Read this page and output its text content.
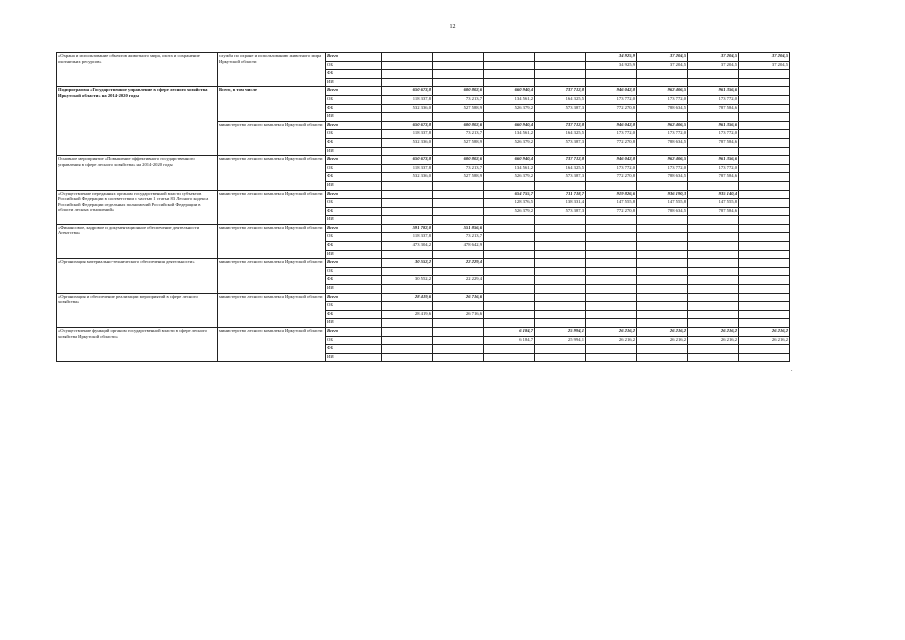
12
«Охрана и использование объектов животного мира, охота и сохранение охотничьих ресурсов»	служба по охране и использованию животного мира Иркутской области	Всего					34 925,9	37 204,5	37 204,5	37 204,5
		ОБ					34 925,9	37 204,5	37 204,5	37 204,5
		ФБ								
		ИИ								
Подпрограмма «Государственное управление в сфере лесного хозяйства Иркутской области» на 2014-2020 годы	Всего, в том числе	Всего	650 673,8	600 802,6	660 940,4	737 712,8	946 042,8	962 406,5	961 356,6	
		ОБ	118 337,8	73 213,7	134 561,2	164 325,5	173 772,0	173 772,0	173 772,0	
		ФБ	532 336,0	527 588,9	526 379,2	573 387,3	772 270,8	788 634,5	787 584,6	
		ИИ								
	министерство лесного комплекса Иркутской области	Всего	650 673,8	600 802,6	660 940,4	737 712,8	946 042,8	962 406,5	961 356,6	
		ОБ	118 337,8	73 213,7	134 561,2	164 325,5	173 772,0	173 772,0	173 772,0	
		ФБ	532 336,0	527 588,9	526 379,2	573 387,3	772 270,8	788 634,5	787 584,6	
		ИИ								
Основное мероприятие «Повышение эффективного государственного управления в сфере лесного хозяйства» на 2014-2020 годы	министерство лесного комплекса Иркутской области	Всего	650 673,8	600 802,6	660 940,4	737 712,8	946 042,8	962 406,5	961 356,6	
		ОБ	118 337,8	73 213,7	134 561,2	164 325,5	173 772,0	173 772,0	173 772,0	
		ФБ	532 336,0	527 588,9	526 379,2	573 387,3	772 270,8	788 634,5	787 584,6	
		ИИ								
«Осуществление переданных органам государственной власти субъектов Российской Федерации в соответствии с частью 1 статьи 83 Лесного кодекса Российской Федерации отдельных полномочий Российской Федерации в области лесных отношений»	министерство лесного комплекса Иркутской области	Всего			654 755,7	711 718,7	919 826,6	936 190,3	935 140,4	
		ОБ			128 376,5	138 331,4	147 555,8	147 555,8	147 555,8	
		ФБ			526 379,2	573 387,3	772 270,8	788 634,5	787 584,6	
		ИИ								
«Финансовое, кадровое и документационное обеспечение деятельности Агентства»	министерство лесного комплекса Иркутской области	Всего	591 782,0	551 856,6						
		ОБ	118 337,8	73 213,7						
		ФБ	473 304,2	478 642,9						
		ИИ								
«Организация материально-технического обеспечения деятельности»	министерство лесного комплекса Иркутской области	Всего	30 552,2	22 229,4						
		ОБ								
		ФБ	30 552,2	22 229,4						
		ИИ								
«Организация и обеспечение реализации мероприятий в сфере лесного хозяйства»	министерство лесного комплекса Иркутской области	Всего	28 419,6	26 716,6						
		ОБ								
		ФБ	28 419,6	26 716,6						
		ИИ								
«Осуществление функций органом государственной власти в сфере лесного хозяйства Иркутской области»	министерство лесного комплекса Иркутской области	Всего			6 184,7	25 994,1	26 216,2	26 216,2	26 216,2	26 216,2
		ОБ			6 184,7	25 994,1	26 216,2	26 216,2	26 216,2	26 216,2
		ФБ								
		ИИ								
.
